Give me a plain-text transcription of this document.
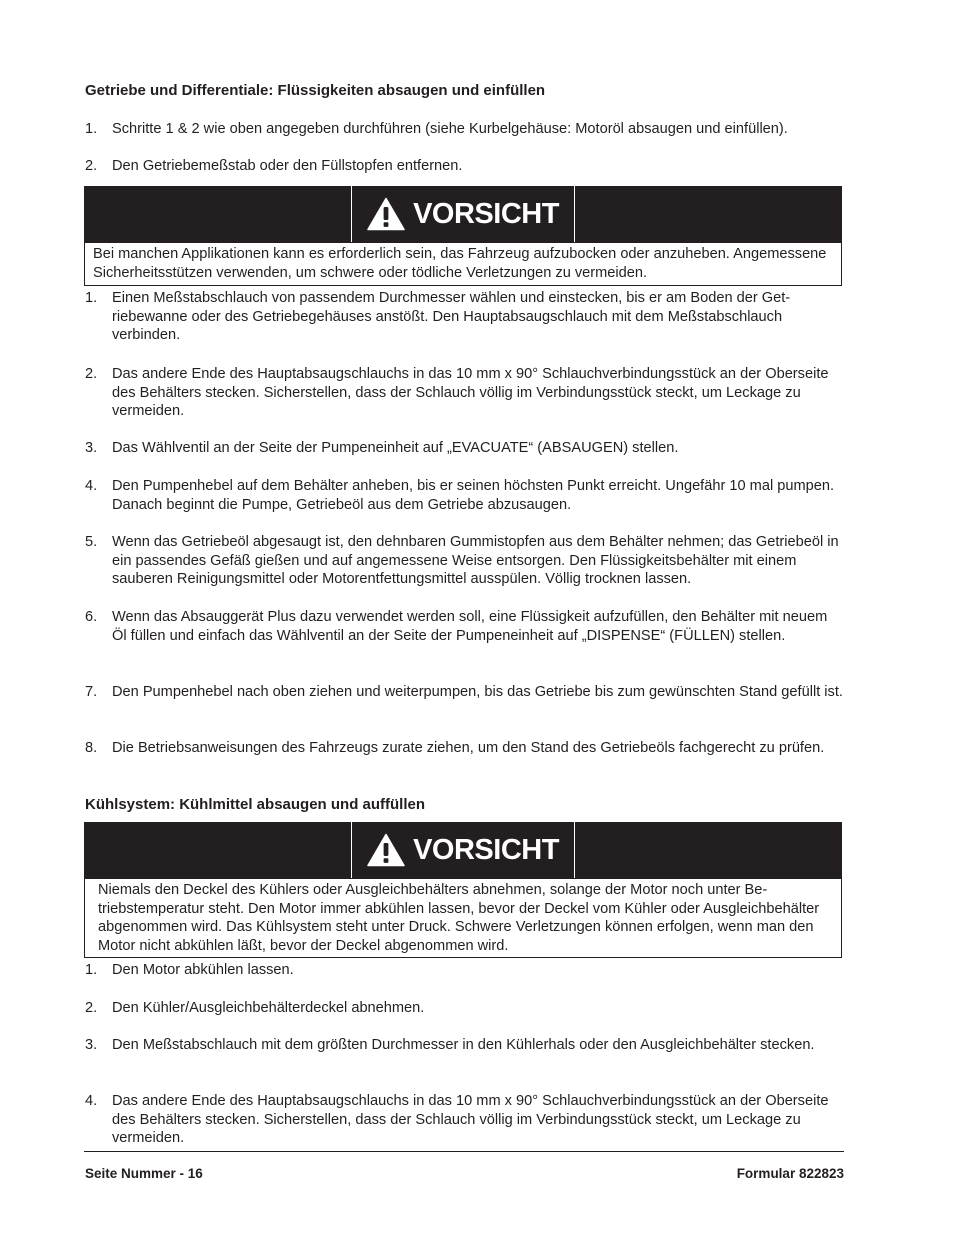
Getriebe und Differentiale: Flüssigkeiten absaugen und einfüllen
1. Schritte 1 & 2 wie oben angegeben durchführen (siehe Kurbelgehäuse: Motoröl absaugen und einfüllen).
2. Den Getriebemeßstab oder den Füllstopfen entfernen.
VORSICHT
Bei manchen Applikationen kann es erforderlich sein, das Fahrzeug aufzubocken oder anzuheben. Angemessene Sicherheitsstützen verwenden, um schwere oder tödliche Verletzungen zu vermeiden.
1. Einen Meßstabschlauch von passendem Durchmesser wählen und einstecken, bis er am Boden der Getriebewanne oder des Getriebegehäuses anstößt. Den Hauptabsaugschlauch mit dem Meßstabschlauch verbinden.
2. Das andere Ende des Hauptabsaugschlauchs in das 10 mm x 90° Schlauchverbindungsstück an der Oberseite des Behälters stecken. Sicherstellen, dass der Schlauch völlig im Verbindungsstück steckt, um Leckage zu vermeiden.
3. Das Wählventil an der Seite der Pumpeneinheit auf „EVACUATE“ (ABSAUGEN) stellen.
4. Den Pumpenhebel auf dem Behälter anheben, bis er seinen höchsten Punkt erreicht. Ungefähr 10 mal pumpen. Danach beginnt die Pumpe, Getriebeöl aus dem Getriebe abzusaugen.
5. Wenn das Getriebeöl abgesaugt ist, den dehnbaren Gummistopfen aus dem Behälter nehmen; das Getriebeöl in ein passendes Gefäß gießen und auf angemessene Weise entsorgen. Den Flüssigkeitsbehälter mit einem sauberen Reinigungsmittel oder Motorentfettungsmittel ausspülen. Völlig trocknen lassen.
6. Wenn das Absauggerät Plus dazu verwendet werden soll, eine Flüssigkeit aufzufüllen, den Behälter mit neuem Öl füllen und einfach das Wählventil an der Seite der Pumpeneinheit auf „DISPENSE“ (FÜLLEN) stellen.
7. Den Pumpenhebel nach oben ziehen und weiterpumpen, bis das Getriebe bis zum gewünschten Stand gefüllt ist.
8. Die Betriebsanweisungen des Fahrzeugs zurate ziehen, um den Stand des Getriebeöls fachgerecht zu prüfen.
Kühlsystem: Kühlmittel absaugen und auffüllen
VORSICHT
Niemals den Deckel des Kühlers oder Ausgleichbehälters abnehmen, solange der Motor noch unter Betriebstemperatur steht. Den Motor immer abkühlen lassen, bevor der Deckel vom Kühler oder Ausgleichbehälter abgenommen wird. Das Kühlsystem steht unter Druck. Schwere Verletzungen können erfolgen, wenn man den Motor nicht abkühlen läßt, bevor der Deckel abgenommen wird.
1. Den Motor abkühlen lassen.
2. Den Kühler/Ausgleichbehälterdeckel abnehmen.
3. Den Meßstabschlauch mit dem größten Durchmesser in den Kühlerhals oder den Ausgleichbehälter stecken.
4. Das andere Ende des Hauptabsaugschlauchs in das 10 mm x 90° Schlauchverbindungsstück an der Oberseite des Behälters stecken. Sicherstellen, dass der Schlauch völlig im Verbindungsstück steckt, um Leckage zu vermeiden.
Seite Nummer - 16	Formular 822823
